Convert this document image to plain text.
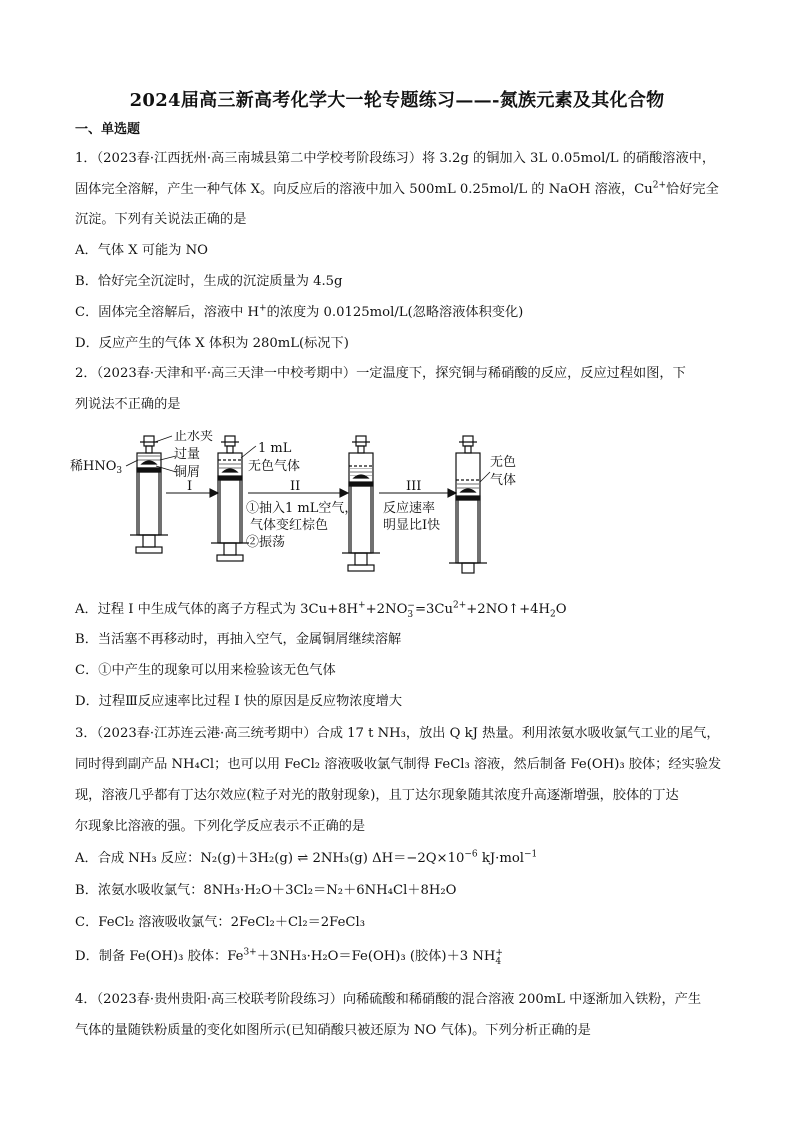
2024届高三新高考化学大一轮专题练习——-氮族元素及其化合物
一、单选题
1．（2023春·江西抚州·高三南城县第二中学校考阶段练习）将 3.2g 的铜加入 3L 0.05mol/L 的硝酸溶液中，
固体完全溶解，产生一种气体 X。向反应后的溶液中加入 500mL 0.25mol/L 的 NaOH 溶液，$Cu^{2+}$恰好完全
沉淀。下列有关说法正确的是
A．气体 X 可能为 NO
B．恰好完全沉淀时，生成的沉淀质量为 4.5g
C．固体完全溶解后，溶液中 H+的浓度为 0.0125mol/L(忽略溶液体积变化)
D．反应产生的气体 X 体积为 280mL(标况下)
2．（2023春·天津和平·高三天津一中校考期中）一定温度下，探究铜与稀硝酸的反应，反应过程如图，下
列说法不正确的是
止水夹
过量
铜屑
稀$HNO_3$
I
1 mL
无色气体
II
①抽入1 mL空气，
气体变红棕色
②振荡
III
反应速率
明显比I快
无色
气体
A．过程 I 中生成气体的离子方程式为 3Cu+8H++2NO −
$3 =3Cu^{2+}+2NO↑+4H_2O$
B．当活塞不再移动时，再抽入空气，金属铜屑继续溶解
C．①中产生的现象可以用来检验该无色气体
D．过程Ⅲ反应速率比过程 I 快的原因是反应物浓度增大
3．（2023春·江苏连云港·高三统考期中）合成 17 t NH₃，放出 Q kJ 热量。利用浓氨水吸收氯气工业的尾气，
同时得到副产品 NH₄Cl；也可以用 FeCl₂ 溶液吸收氯气制得 FeCl₃ 溶液，然后制备 Fe(OH)₃ 胶体；经实验发
现，溶液几乎都有丁达尔效应(粒子对光的散射现象)，且丁达尔现象随其浓度升高逐渐增强，胶体的丁达
尔现象比溶液的强。下列化学反应表示不正确的是
A．合成 NH₃ 反应：N₂(g)＋3H₂(g) ⇌ 2NH₃(g) $\Delta H=-2Q\times 10^{-6}$ kJ·mol$^{-1}$
B．浓氨水吸收氯气：8NH₃·H₂O＋3Cl₂＝N₂＋6NH₄Cl＋8H₂O
C．FeCl₂ 溶液吸收氯气：2FeCl₂＋Cl₂＝2FeCl₃
D．制备 Fe(OH)₃ 胶体：$Fe^{3+}+3NH_3\cdot H_2O=Fe(OH)_3$ (胶体)＋3 NH +
4
4．（2023春·贵州贵阳·高三校联考阶段练习）向稀硫酸和稀硝酸的混合溶液 200mL 中逐渐加入铁粉，产生
气体的量随铁粉质量的变化如图所示(已知硝酸只被还原为 NO 气体)。下列分析正确的是
